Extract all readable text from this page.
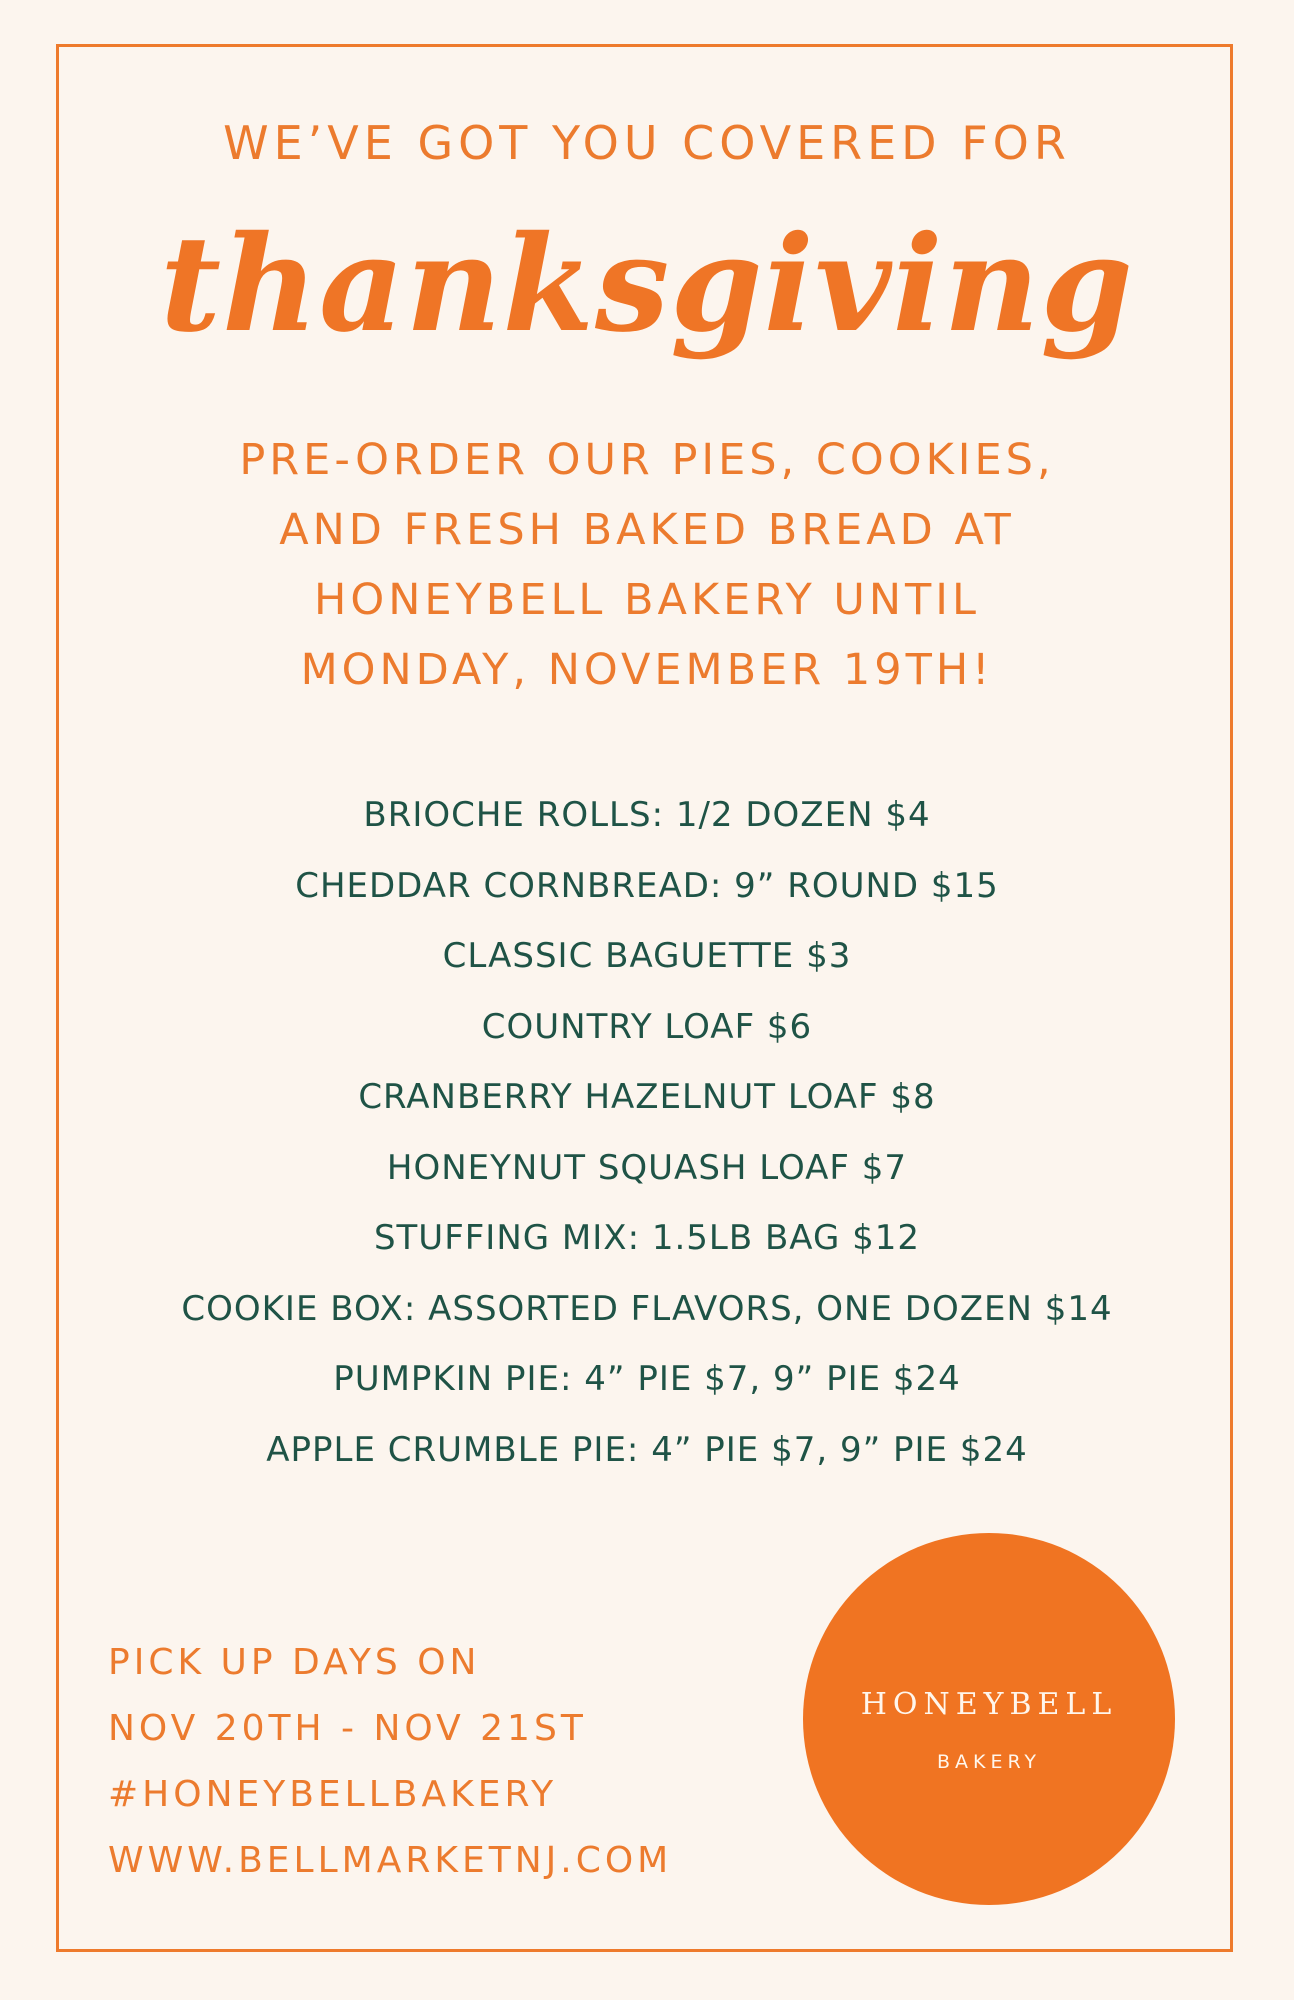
WE’VE GOT YOU COVERED FOR
thanksgiving
PRE-ORDER OUR PIES, COOKIES,
AND FRESH BAKED BREAD AT
HONEYBELL BAKERY UNTIL
MONDAY, NOVEMBER 19TH!
BRIOCHE ROLLS: 1/2 DOZEN $4
CHEDDAR CORNBREAD: 9” ROUND $15
CLASSIC BAGUETTE $3
COUNTRY LOAF $6
CRANBERRY HAZELNUT LOAF $8
HONEYNUT SQUASH LOAF $7
STUFFING MIX: 1.5LB BAG $12
COOKIE BOX: ASSORTED FLAVORS, ONE DOZEN $14
PUMPKIN PIE: 4” PIE $7, 9” PIE $24
APPLE CRUMBLE PIE: 4” PIE $7, 9” PIE $24
PICK UP DAYS ON
NOV 20TH - NOV 21ST
#HONEYBELLBAKERY
WWW.BELLMARKETNJ.COM
HONEYBELL
BAKERY
